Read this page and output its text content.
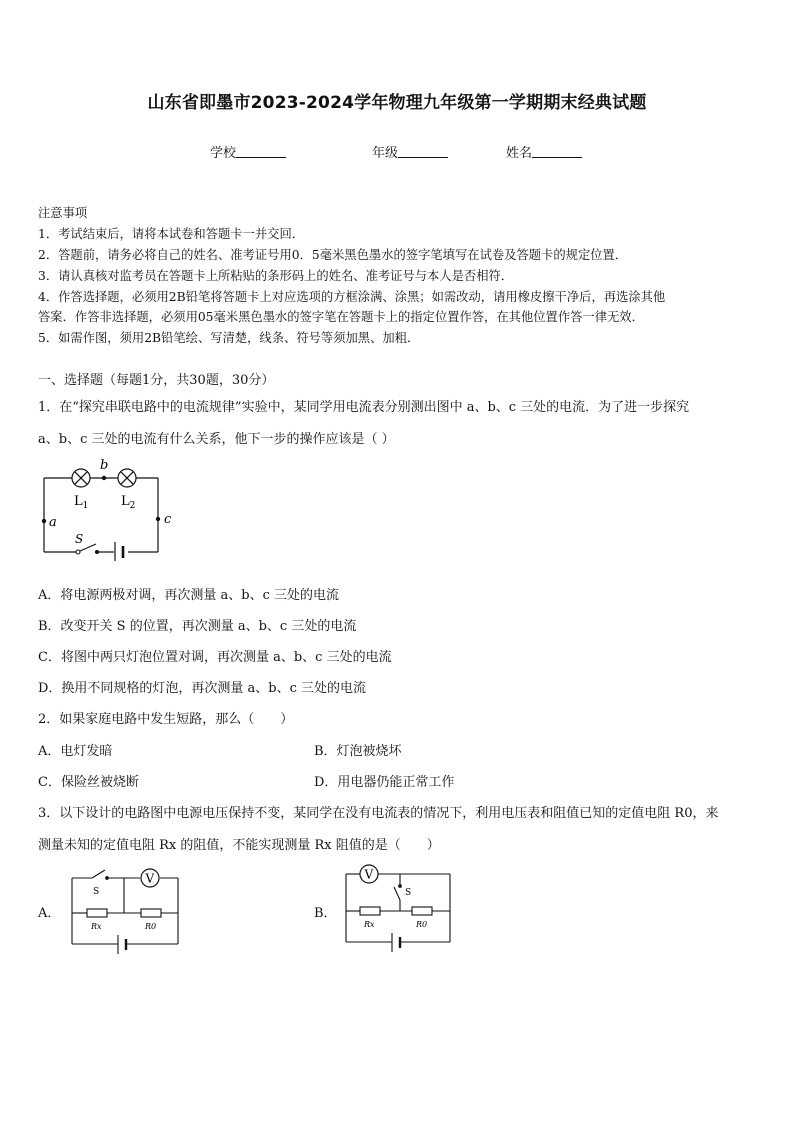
山东省即墨市2023-2024学年物理九年级第一学期期末经典试题
学校	年级	姓名
注意事项
1．考试结束后，请将本试卷和答题卡一并交回．
2．答题前，请务必将自己的姓名、准考证号用0．5毫米黑色墨水的签字笔填写在试卷及答题卡的规定位置．
3．请认真核对监考员在答题卡上所粘贴的条形码上的姓名、准考证号与本人是否相符．
4．作答选择题，必须用2B铅笔将答题卡上对应选项的方框涂满、涂黑；如需改动，请用橡皮擦干净后，再选涂其他
答案．作答非选择题，必须用05毫米黑色墨水的签字笔在答题卡上的指定位置作答，在其他位置作答一律无效．
5．如需作图，须用2B铅笔绘、写清楚，线条、符号等须加黑、加粗．
一、选择题（每题1分，共30题，30分）
1．在“探究串联电路中的电流规律”实验中，某同学用电流表分别测出图中 a、b、c 三处的电流．为了进一步探究
a、b、c 三处的电流有什么关系，他下一步的操作应该是（ ）
b
a	c
S
$L_1$	$L_2$
A．将电源两极对调，再次测量 a、b、c 三处的电流
B．改变开关 S 的位置，再次测量 a、b、c 三处的电流
C．将图中两只灯泡位置对调，再次测量 a、b、c 三处的电流
D．换用不同规格的灯泡，再次测量 a、b、c 三处的电流
2．如果家庭电路中发生短路，那么（　　）
A．电灯发暗	B．灯泡被烧坏
C．保险丝被烧断	D．用电器仍能正常工作
3．以下设计的电路图中电源电压保持不变，某同学在没有电流表的情况下，利用电压表和阻值已知的定值电阻 R0，来
测量未知的定值电阻 Rx 的阻值，不能实现测量 Rx 阻值的是（　　）
A．
V
S
Rx	R0
B．
V
S
Rx	R0
